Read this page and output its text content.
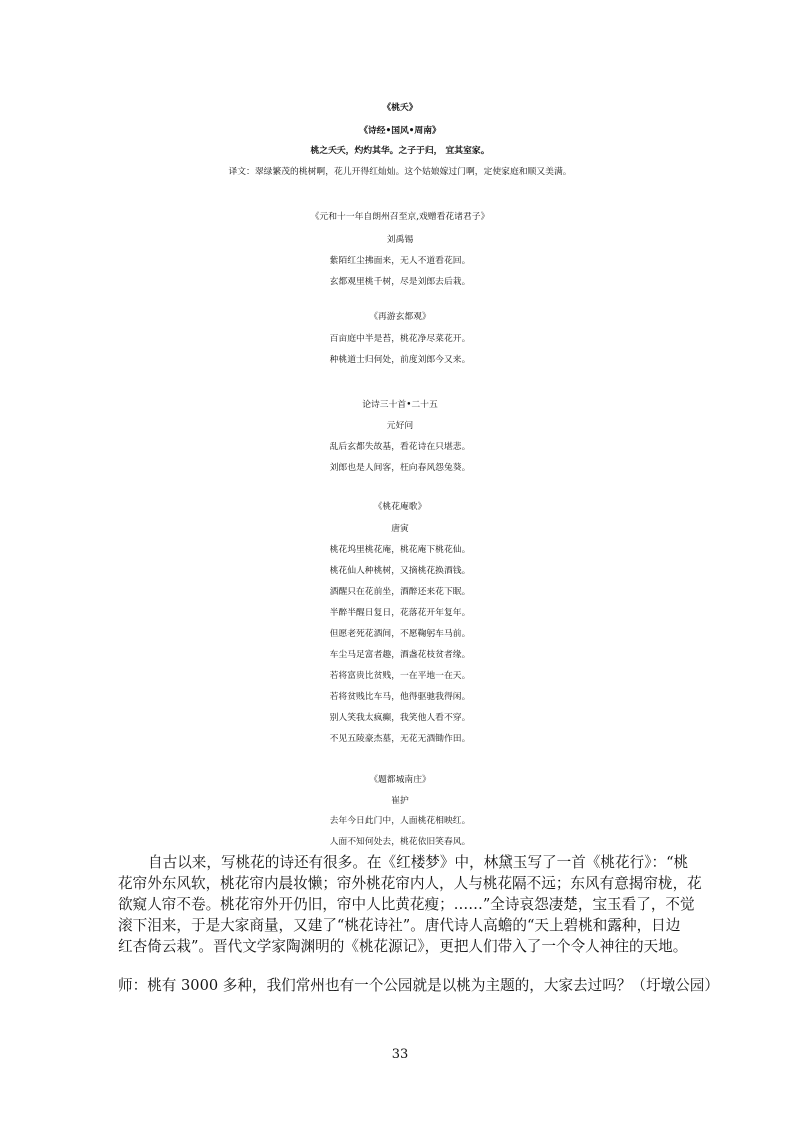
《桃夭》
《诗经•国风•周南》
桃之夭夭，灼灼其华。之子于归， 宜其室家。
译文：翠绿繁茂的桃树啊，花儿开得红灿灿。这个姑娘嫁过门啊，定使家庭和顺又美满。
《元和十一年自朗州召至京,戏赠看花诸君子》
刘禹锡
紫陌红尘拂面来，无人不道看花回。
玄都观里桃千树，尽是刘郎去后栽。
《再游玄都观》
百亩庭中半是苔，桃花净尽菜花开。
种桃道士归何处，前度刘郎今又来。
论诗三十首•二十五
元好问
乱后玄都失故基，看花诗在只堪悲。
刘郎也是人间客，枉向春风怨兔葵。
《桃花庵歌》
唐寅
桃花坞里桃花庵，桃花庵下桃花仙。
桃花仙人种桃树，又摘桃花换酒钱。
酒醒只在花前坐，酒醉还来花下眠。
半醉半醒日复日，花落花开年复年。
但愿老死花酒间，不愿鞠躬车马前。
车尘马足富者趣，酒盏花枝贫者缘。
若将富贵比贫贱，一在平地一在天。
若将贫贱比车马，他得驱驰我得闲。
别人笑我太疯癫，我笑他人看不穿。
不见五陵豪杰墓，无花无酒锄作田。
《题都城南庄》
崔护
去年今日此门中，人面桃花相映红。
人面不知何处去，桃花依旧笑春风。
自古以来，写桃花的诗还有很多。在《红楼梦》中，林黛玉写了一首《桃花行》：“桃
花帘外东风软，桃花帘内晨妆懒；帘外桃花帘内人，人与桃花隔不远；东风有意揭帘栊，花
欲窥人帘不卷。桃花帘外开仍旧，帘中人比黄花瘦；……”全诗哀怨凄楚，宝玉看了，不觉
滚下泪来，于是大家商量，又建了“桃花诗社”。唐代诗人高蟾的“天上碧桃和露种，日边
红杏倚云栽”。晋代文学家陶渊明的《桃花源记》，更把人们带入了一个令人神往的天地。
师：桃有 3000 多种，我们常州也有一个公园就是以桃为主题的，大家去过吗？（圩墩公园）
33
